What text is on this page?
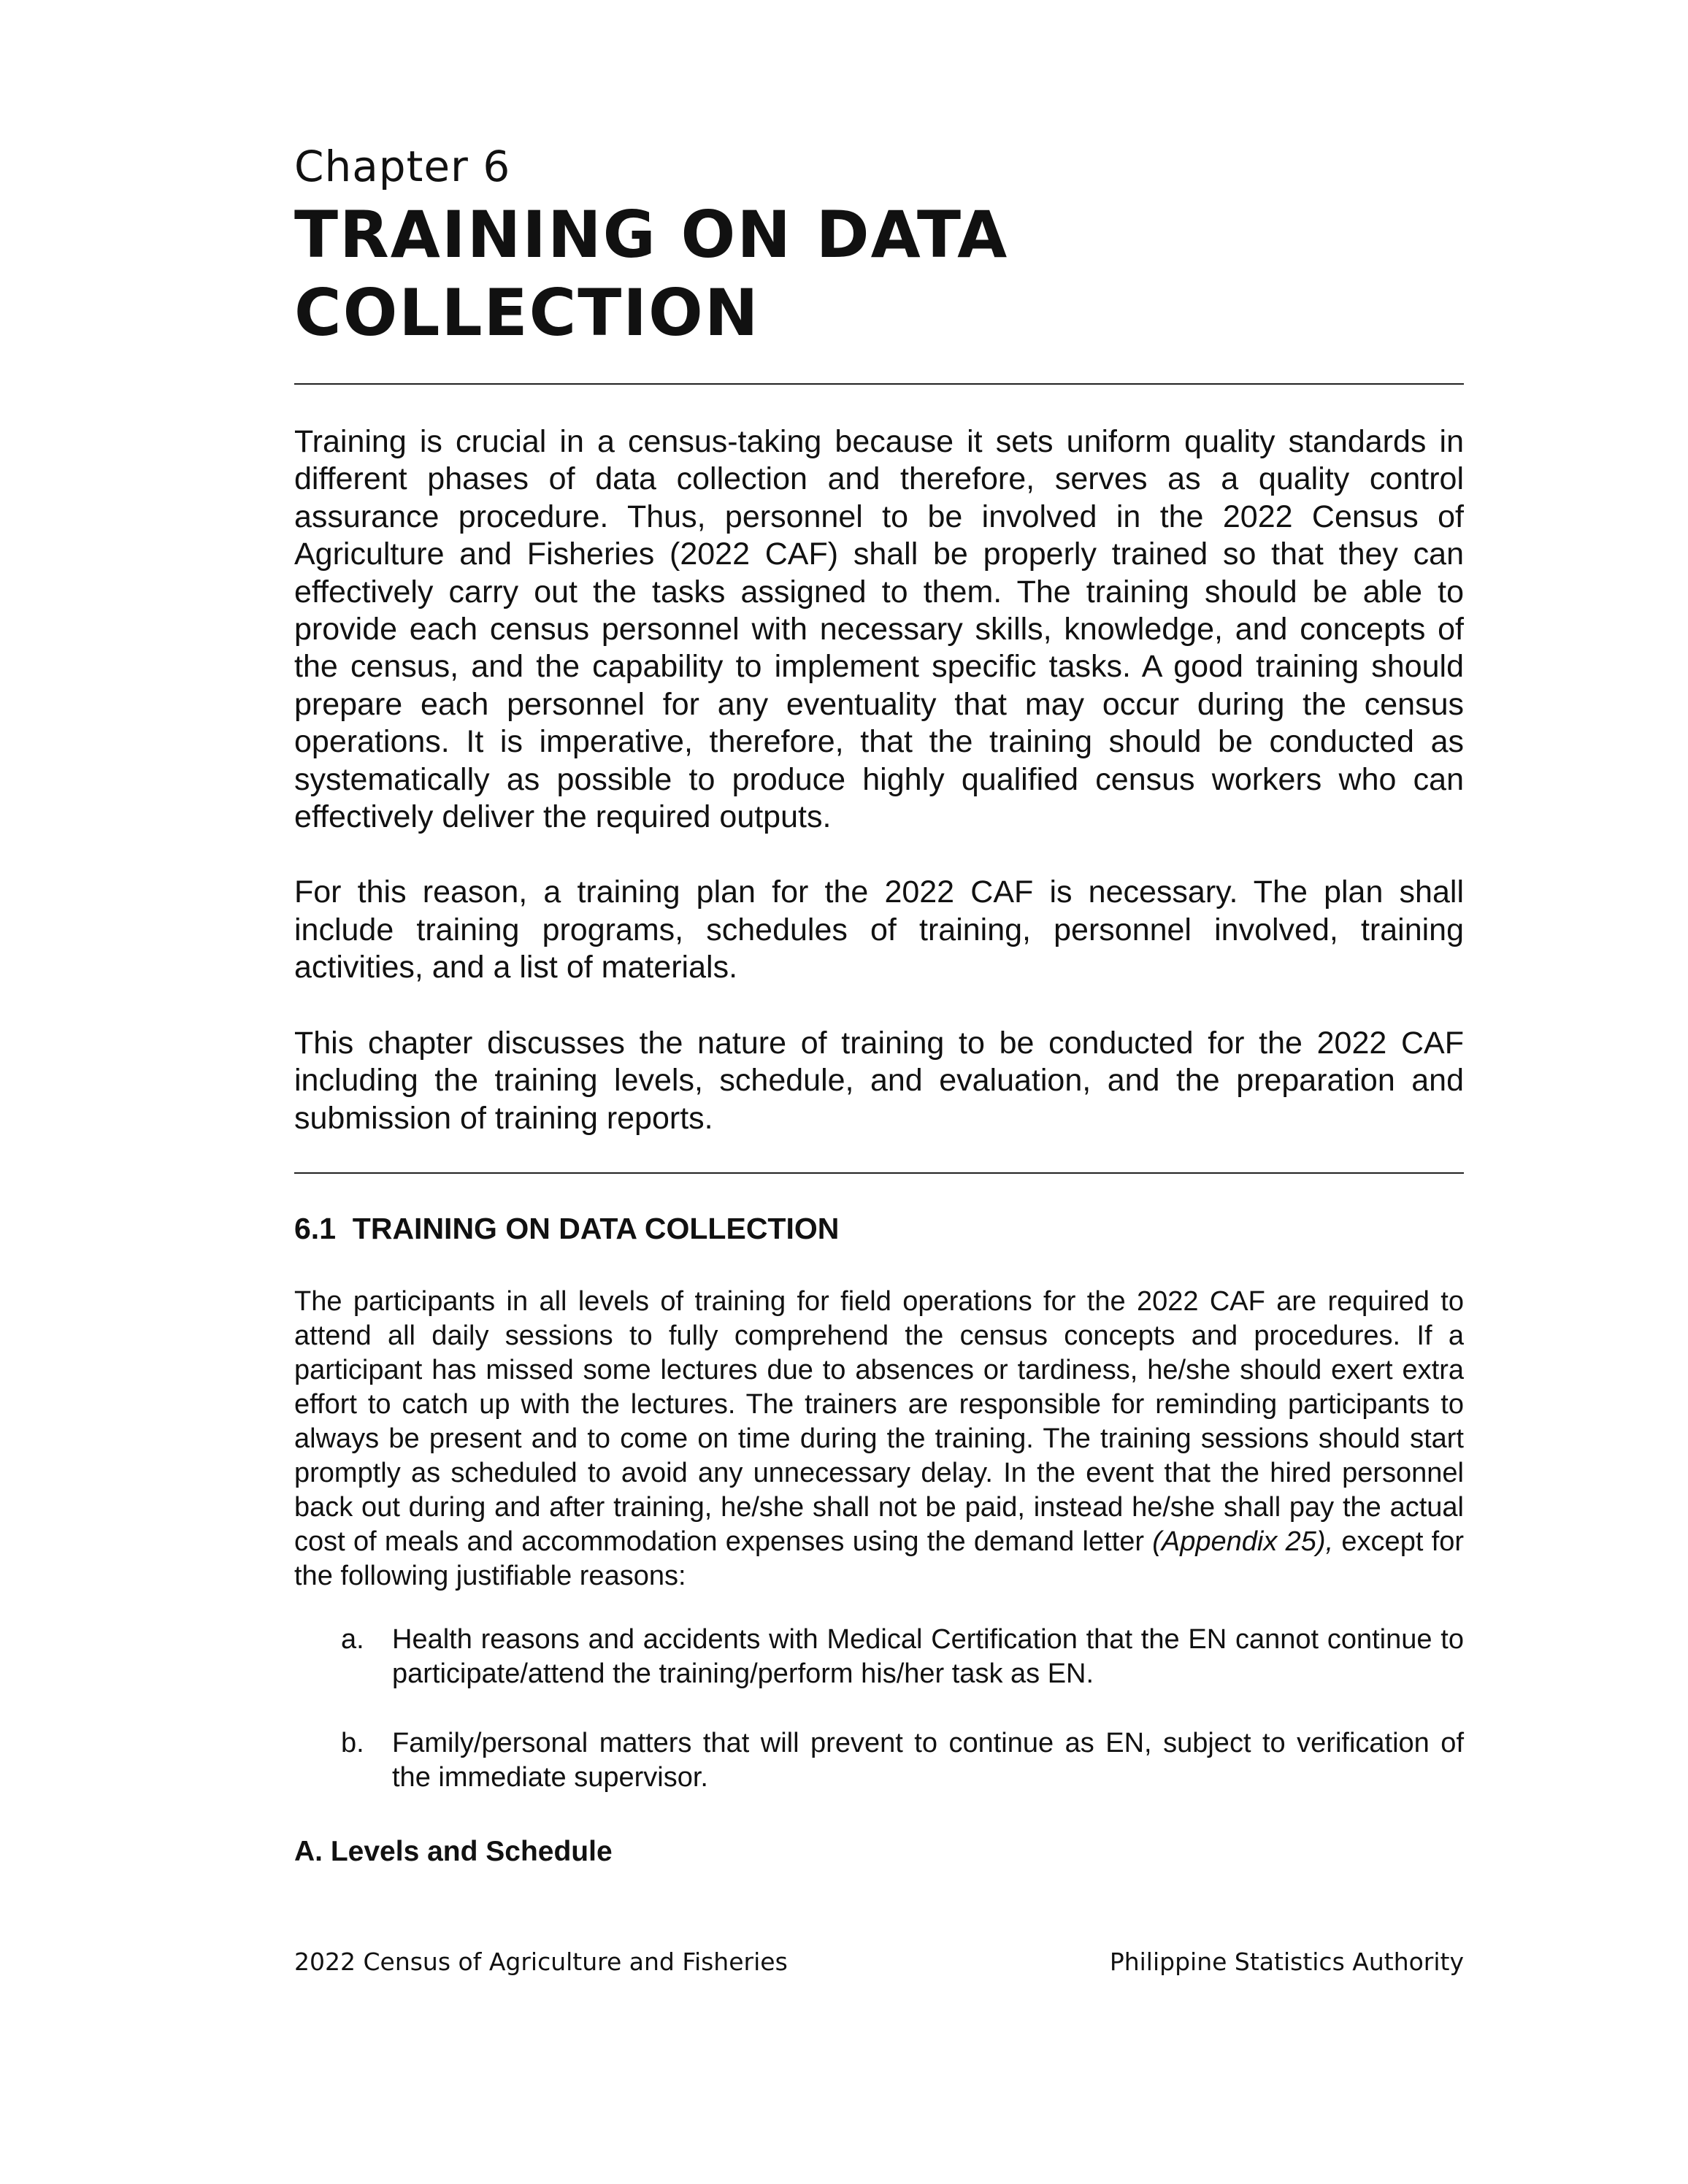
Chapter 6
TRAINING ON DATA COLLECTION

Training is crucial in a census-taking because it sets uniform quality standards in different phases of data collection and therefore, serves as a quality control assurance procedure. Thus, personnel to be involved in the 2022 Census of Agriculture and Fisheries (2022 CAF) shall be properly trained so that they can effectively carry out the tasks assigned to them. The training should be able to provide each census personnel with necessary skills, knowledge, and concepts of the census, and the capability to implement specific tasks. A good training should prepare each personnel for any eventuality that may occur during the census operations. It is imperative, therefore, that the training should be conducted as systematically as possible to produce highly qualified census workers who can effectively deliver the required outputs.

For this reason, a training plan for the 2022 CAF is necessary. The plan shall include training programs, schedules of training, personnel involved, training activities, and a list of materials.

This chapter discusses the nature of training to be conducted for the 2022 CAF including the training levels, schedule, and evaluation, and the preparation and submission of training reports.

6.1 TRAINING ON DATA COLLECTION

The participants in all levels of training for field operations for the 2022 CAF are required to attend all daily sessions to fully comprehend the census concepts and procedures. If a participant has missed some lectures due to absences or tardiness, he/she should exert extra effort to catch up with the lectures. The trainers are responsible for reminding participants to always be present and to come on time during the training. The training sessions should start promptly as scheduled to avoid any unnecessary delay. In the event that the hired personnel back out during and after training, he/she shall not be paid, instead he/she shall pay the actual cost of meals and accommodation expenses using the demand letter (Appendix 25), except for the following justifiable reasons:

a. Health reasons and accidents with Medical Certification that the EN cannot continue to participate/attend the training/perform his/her task as EN.
b. Family/personal matters that will prevent to continue as EN, subject to verification of the immediate supervisor.
A. Levels and Schedule
2022 Census of Agriculture and Fisheries	Philippine Statistics Authority
